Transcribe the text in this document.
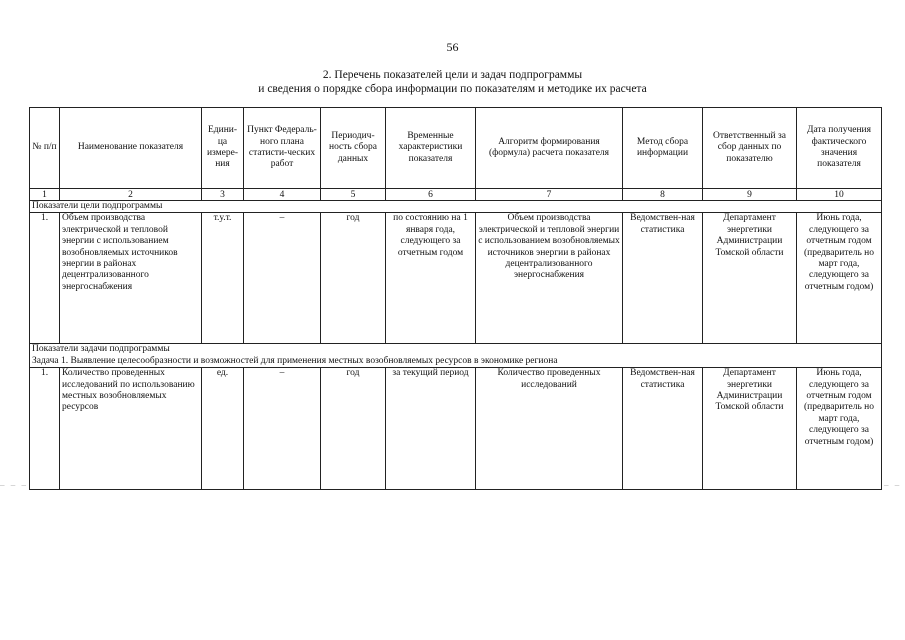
56
2. Перечень показателей цели и задач подпрограммы
и сведения о порядке сбора информации по показателям и методике их расчета
№ п/п	Наименование показателя	Едини-ца измере-ния	Пункт Федераль-ного плана статисти-ческих работ	Периодич-ность сбора данных	Временные характеристики показателя	Алгоритм формирования (формула) расчета показателя	Метод сбора информации	Ответственный за сбор данных по показателю	Дата получения фактического значения показателя
1	2	3	4	5	6	7	8	9	10
Показатели цели подпрограммы									
1.	Объем производства электрической и тепловой энергии с использованием возобновляемых источников энергии в районах децентрализованного энергоснабжения	т.у.т.	–	год	по состоянию на 1 января года, следующего за отчетным годом	Объем производства электрической и тепловой энергии с использованием возобновляемых источников энергии в районах децентрализованного энергоснабжения	Ведомствен-ная статистика	Департамент энергетики Администрации Томской области	Июнь года, следующего за отчетным годом (предваритель но март года, следующего за отчетным годом)

Показатели задачи подпрограммы
Задача 1. Выявление целесообразности и возможностей для применения местных возобновляемых ресурсов в экономике региона									

1.	Количество проведенных исследований по использованию местных возобновляемых ресурсов	ед.	–	год	за текущий период	Количество проведенных исследований	Ведомствен-ная статистика	Департамент энергетики Администрации Томской области	Июнь года, следующего за отчетным годом (предваритель но март года, следующего за отчетным годом)
– – –	– –
